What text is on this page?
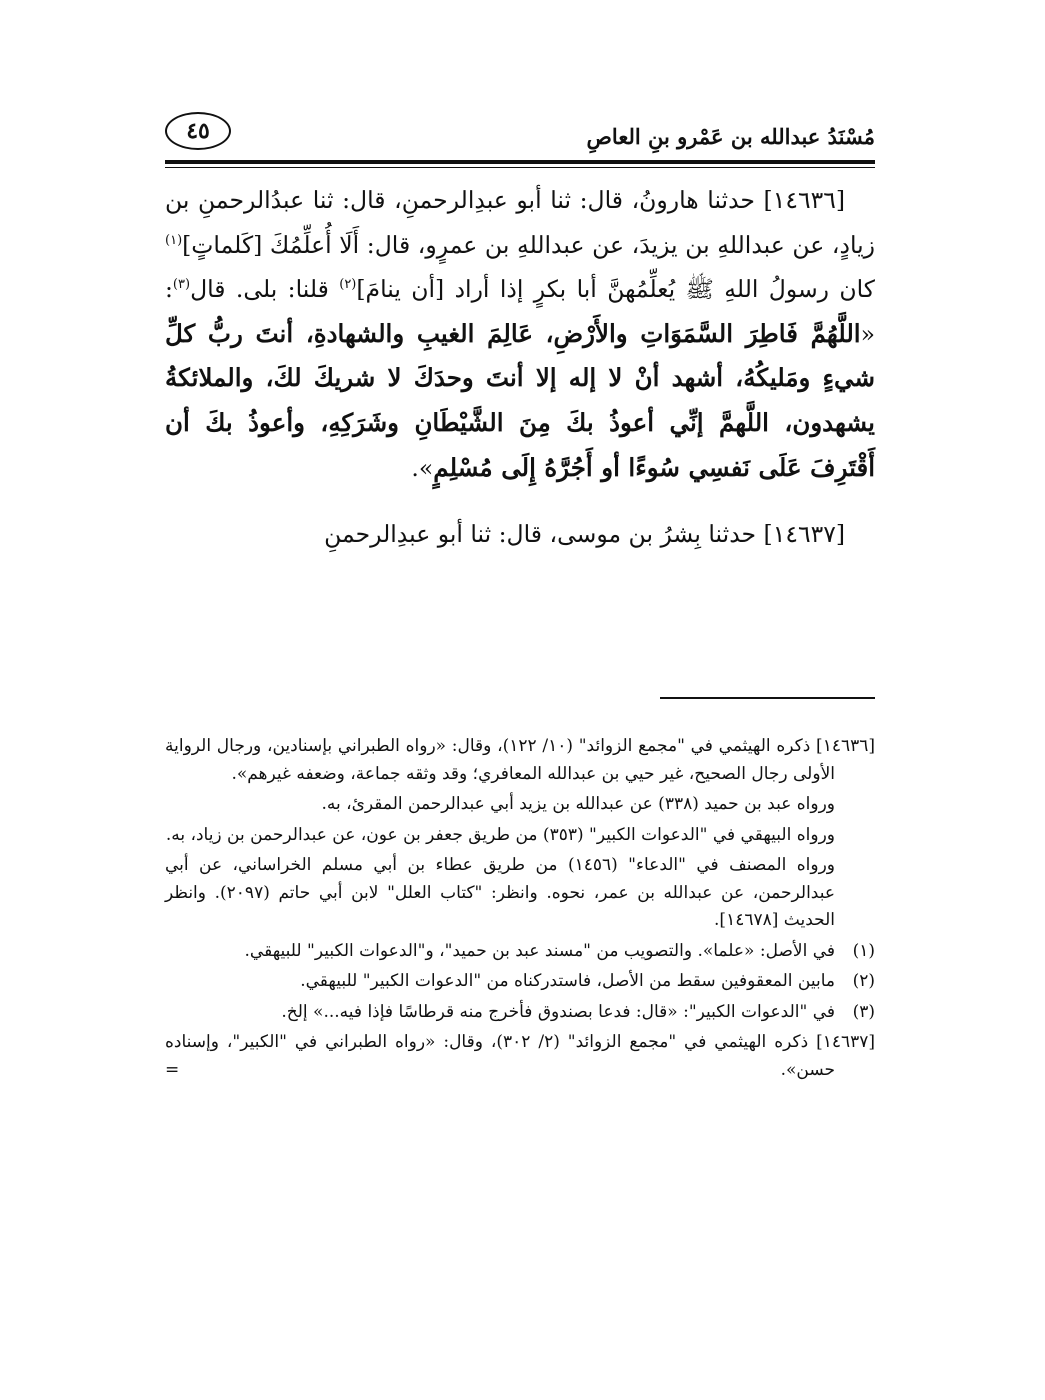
مُسْنَدُ عبدالله بن عَمْرو بنِ العاصِ
٤٥

[١٤٦٣٦] حدثنا هارونُ، قال: ثنا أبو عبدِالرحمنِ، قال: ثنا عبدُالرحمنِ بن زيادٍ، عن عبداللهِ بن يزيدَ، عن عبداللهِ بن عمرٍو، قال: أَلَا أُعلِّمُكَ [كَلماتٍ]$^{(١)}$ كان رسولُ اللهِ ﷺ يُعلِّمُهنَّ أبا بكرٍ إذا أراد [أن ينامَ]$^{(٢)}$ قلنا: بلى. قال$^{(٣)}$: «اللَّهُمَّ فَاطِرَ السَّمَوَاتِ والأَرْضِ، عَالِمَ الغيبِ والشهادةِ، أنتَ ربُّ كلِّ شيءٍ ومَليكُهُ، أشهد أنْ لا إله إلا أنتَ وحدَكَ لا شريكَ لكَ، والملائكةُ يشهدون، اللَّهمَّ إنِّي أعوذُ بكَ مِنَ الشَّيْطَانِ وشَرَكِهِ، وأعوذُ بكَ أن أَقْتَرِفَ عَلَى نَفسِي سُوءًا أو أَجُرَّهُ إِلَى مُسْلِمٍ».

[١٤٦٣٧] حدثنا بِشرُ بن موسى، قال: ثنا أبو عبدِالرحمنِ

[١٤٦٣٦] ذكره الهيثمي في "مجمع الزوائد" (١٠/ ١٢٢)، وقال: «رواه الطبراني بإسنادين، ورجال الرواية الأولى رجال الصحيح، غير حيي بن عبدالله المعافري؛ وقد وثقه جماعة، وضعفه غيرهم».

ورواه عبد بن حميد (٣٣٨) عن عبدالله بن يزيد أبي عبدالرحمن المقرئ، به.

ورواه البيهقي في "الدعوات الكبير" (٣٥٣) من طريق جعفر بن عون، عن عبدالرحمن بن زياد، به.

ورواه المصنف في "الدعاء" (١٤٥٦) من طريق عطاء بن أبي مسلم الخراساني، عن أبي عبدالرحمن، عن عبدالله بن عمر، نحوه. وانظر: "كتاب العلل" لابن أبي حاتم (٢٠٩٧). وانظر الحديث [١٤٦٧٨].

(١)في الأصل: «علما». والتصويب من "مسند عبد بن حميد"، و"الدعوات الكبير" للبيهقي.

(٢)مابين المعقوفين سقط من الأصل، فاستدركناه من "الدعوات الكبير" للبيهقي.

(٣)في "الدعوات الكبير": «قال: فدعا بصندوق فأخرج منه قرطاسًا فإذا فيه...» إلخ.

[١٤٦٣٧] ذكره الهيثمي في "مجمع الزوائد" (٢/ ٣٠٢)، وقال: «رواه الطبراني في "الكبير"، وإسناده حسن».

=
